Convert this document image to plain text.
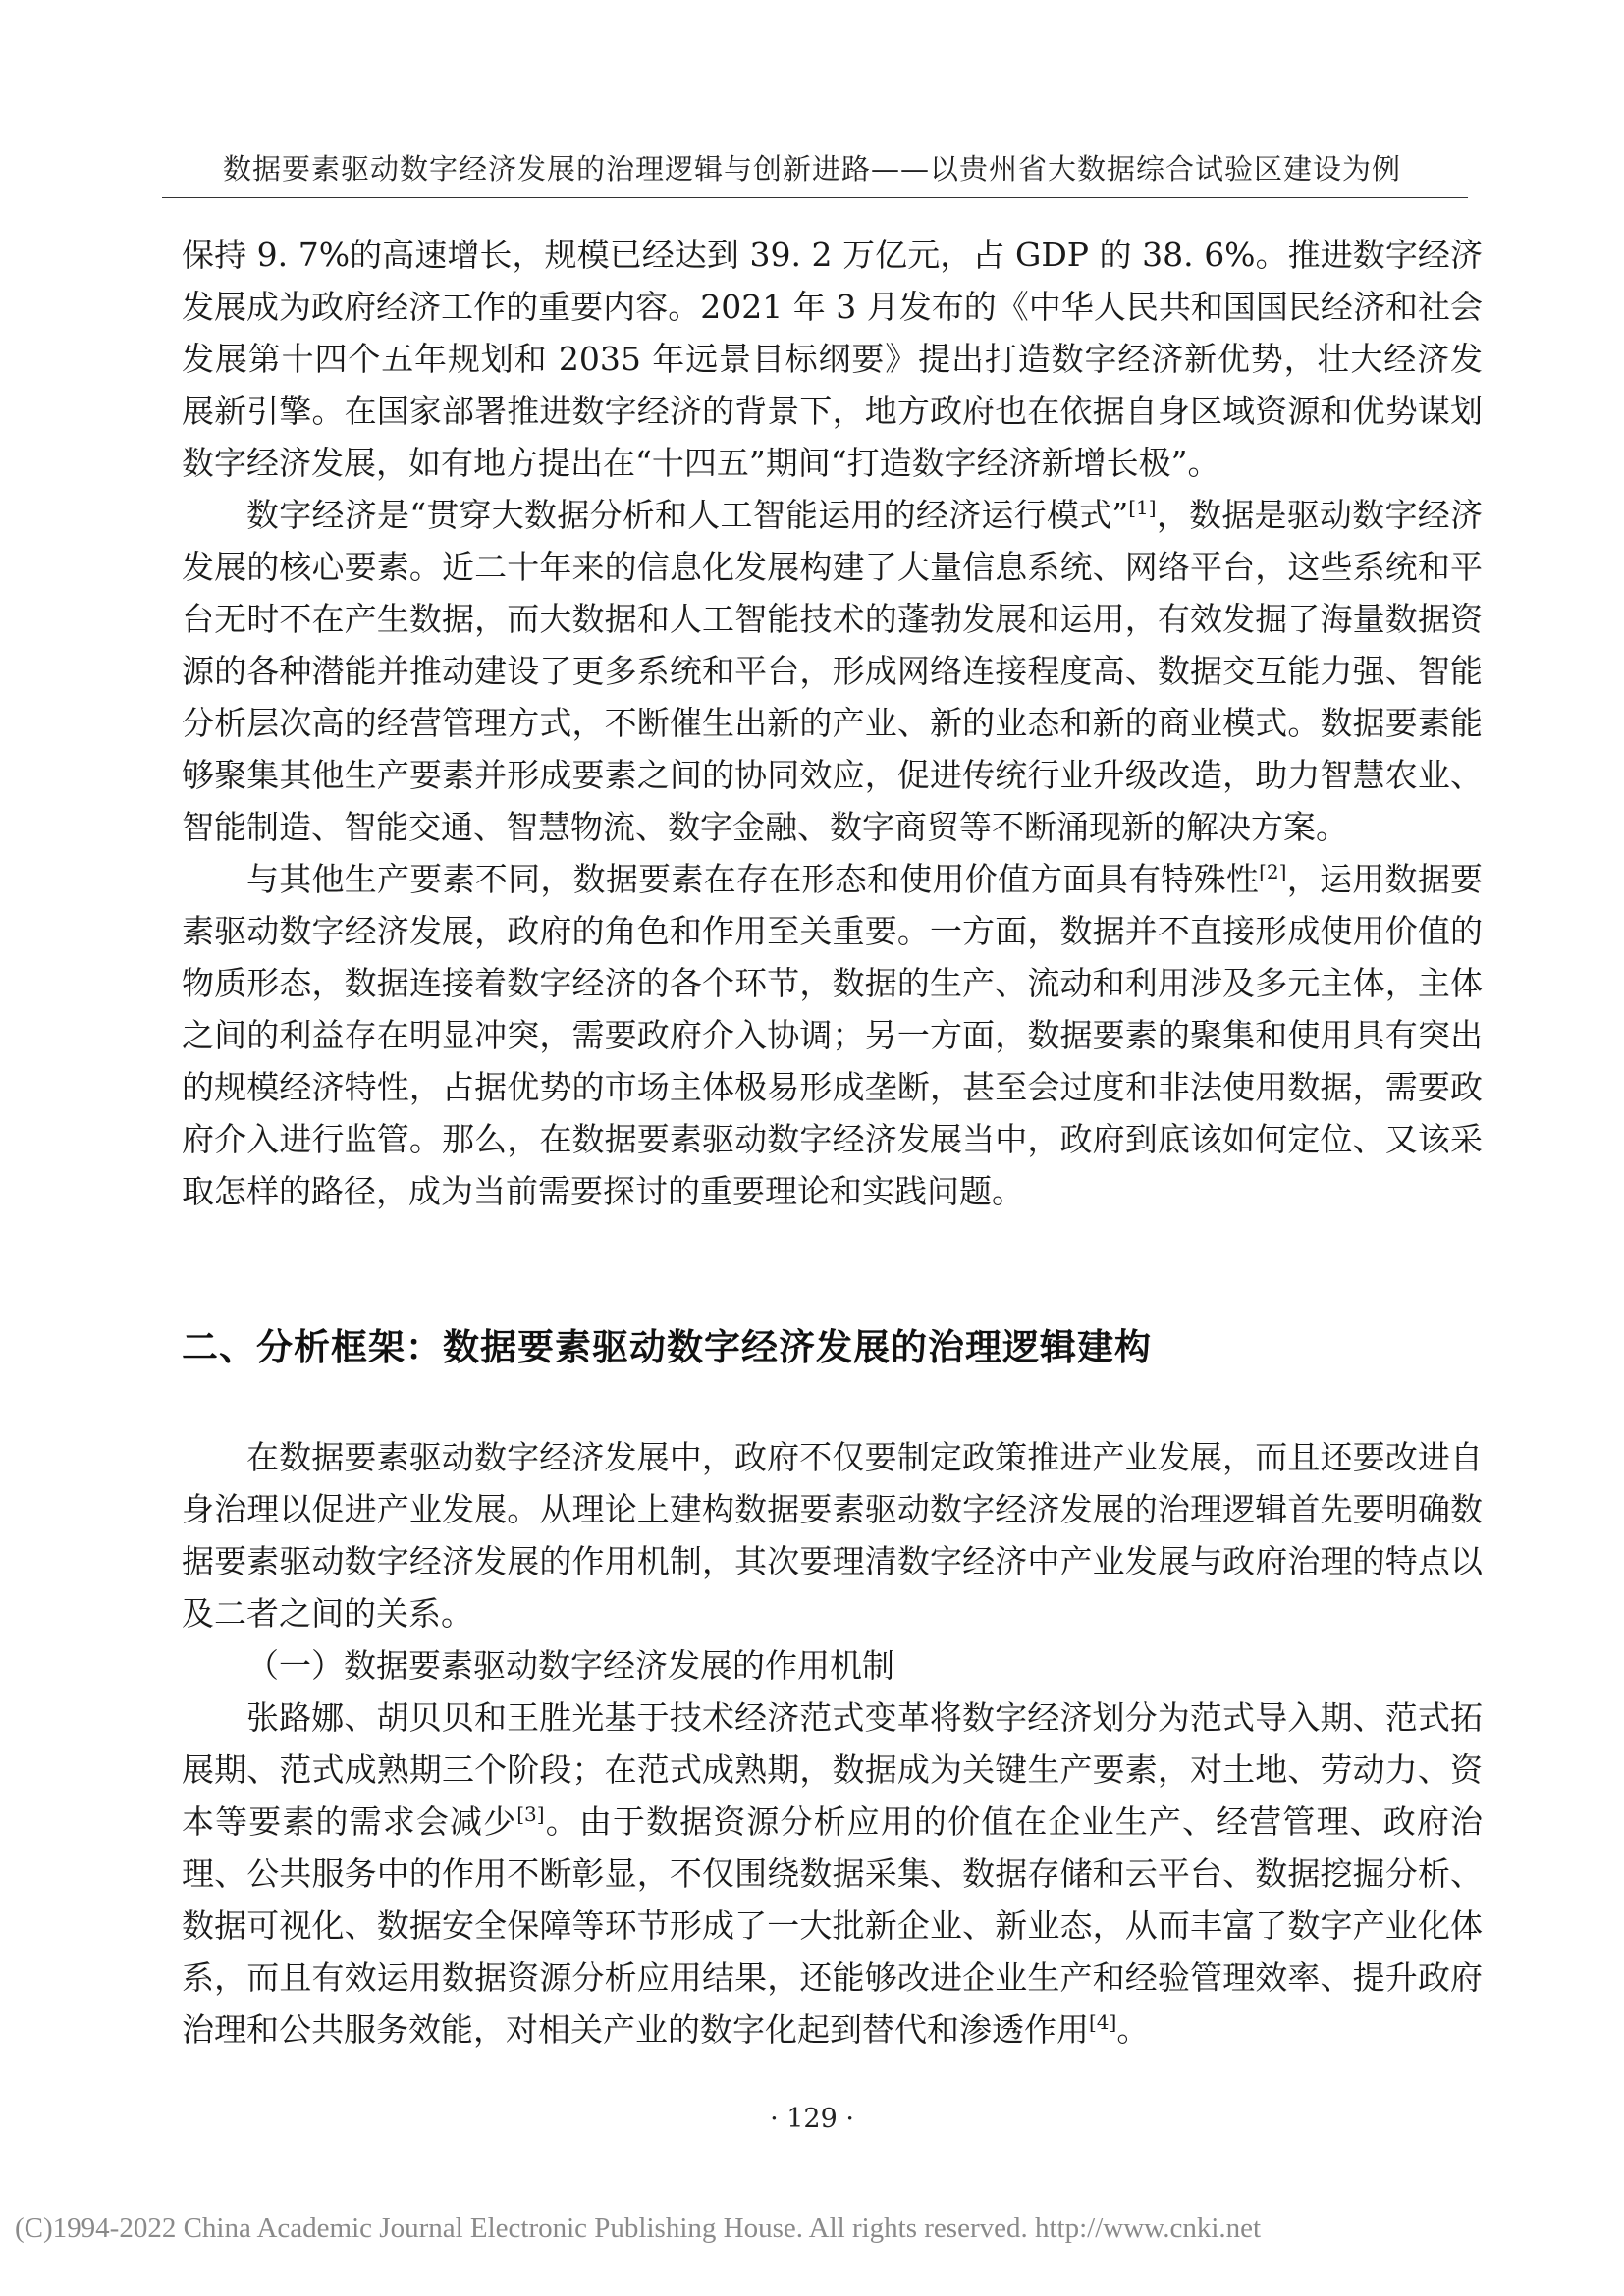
数据要素驱动数字经济发展的治理逻辑与创新进路——以贵州省大数据综合试验区建设为例

保持 9. 7%的高速增长，规模已经达到 39. 2 万亿元，占 GDP 的 38. 6%。推进数字经济发展成为政府经济工作的重要内容。2021 年 3 月发布的《中华人民共和国国民经济和社会发展第十四个五年规划和 2035 年远景目标纲要》提出打造数字经济新优势，壮大经济发展新引擎。在国家部署推进数字经济的背景下，地方政府也在依据自身区域资源和优势谋划数字经济发展，如有地方提出在“十四五”期间“打造数字经济新增长极”。

数字经济是“贯穿大数据分析和人工智能运用的经济运行模式”[1]，数据是驱动数字经济发展的核心要素。近二十年来的信息化发展构建了大量信息系统、网络平台，这些系统和平台无时不在产生数据，而大数据和人工智能技术的蓬勃发展和运用，有效发掘了海量数据资源的各种潜能并推动建设了更多系统和平台，形成网络连接程度高、数据交互能力强、智能分析层次高的经营管理方式，不断催生出新的产业、新的业态和新的商业模式。数据要素能够聚集其他生产要素并形成要素之间的协同效应，促进传统行业升级改造，助力智慧农业、智能制造、智能交通、智慧物流、数字金融、数字商贸等不断涌现新的解决方案。

与其他生产要素不同，数据要素在存在形态和使用价值方面具有特殊性[2]，运用数据要素驱动数字经济发展，政府的角色和作用至关重要。一方面，数据并不直接形成使用价值的物质形态，数据连接着数字经济的各个环节，数据的生产、流动和利用涉及多元主体，主体之间的利益存在明显冲突，需要政府介入协调；另一方面，数据要素的聚集和使用具有突出的规模经济特性，占据优势的市场主体极易形成垄断，甚至会过度和非法使用数据，需要政府介入进行监管。那么，在数据要素驱动数字经济发展当中，政府到底该如何定位、又该采取怎样的路径，成为当前需要探讨的重要理论和实践问题。

二、分析框架：数据要素驱动数字经济发展的治理逻辑建构

在数据要素驱动数字经济发展中，政府不仅要制定政策推进产业发展，而且还要改进自身治理以促进产业发展。从理论上建构数据要素驱动数字经济发展的治理逻辑首先要明确数据要素驱动数字经济发展的作用机制，其次要理清数字经济中产业发展与政府治理的特点以及二者之间的关系。

（一）数据要素驱动数字经济发展的作用机制

张路娜、胡贝贝和王胜光基于技术经济范式变革将数字经济划分为范式导入期、范式拓展期、范式成熟期三个阶段；在范式成熟期，数据成为关键生产要素，对土地、劳动力、资本等要素的需求会减少[3]。由于数据资源分析应用的价值在企业生产、经营管理、政府治理、公共服务中的作用不断彰显，不仅围绕数据采集、数据存储和云平台、数据挖掘分析、数据可视化、数据安全保障等环节形成了一大批新企业、新业态，从而丰富了数字产业化体系，而且有效运用数据资源分析应用结果，还能够改进企业生产和经验管理效率、提升政府治理和公共服务效能，对相关产业的数字化起到替代和渗透作用[4]。

· 129 ·
(C)1994-2022 China Academic Journal Electronic Publishing House. All rights reserved. http://www.cnki.net
